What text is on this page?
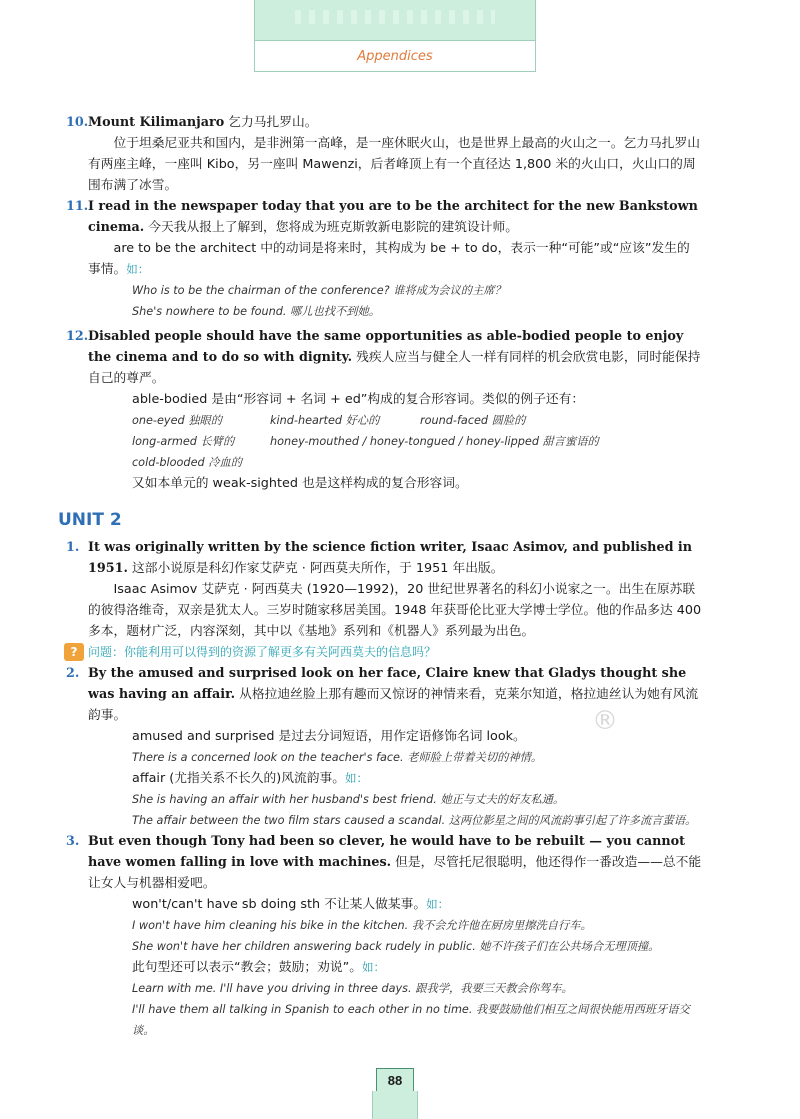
Appendices
®
10. Mount Kilimanjaro 乞力马扎罗山。
位于坦桑尼亚共和国内，是非洲第一高峰，是一座休眠火山，也是世界上最高的火山之一。乞力马扎罗山有两座主峰，一座叫 Kibo，另一座叫 Mawenzi，后者峰顶上有一个直径达 1,800 米的火山口，火山口的周围布满了冰雪。
11. I read in the newspaper today that you are to be the architect for the new Bankstown cinema. 今天我从报上了解到，您将成为班克斯敦新电影院的建筑设计师。
are to be the architect 中的动词是将来时，其构成为 be + to do，表示一种“可能”或“应该”发生的事情。如：
Who is to be the chairman of the conference? 谁将成为会议的主席？
She's nowhere to be found. 哪儿也找不到她。
12. Disabled people should have the same opportunities as able-bodied people to enjoy the cinema and to do so with dignity. 残疾人应当与健全人一样有同样的机会欣赏电影，同时能保持自己的尊严。
able-bodied 是由“形容词 + 名词 + ed”构成的复合形容词。类似的例子还有：
one-eyed 独眼的	kind-hearted 好心的	round-faced 圆脸的
long-armed 长臂的	honey-mouthed / honey-tongued / honey-lipped 甜言蜜语的
cold-blooded 冷血的
又如本单元的 weak-sighted 也是这样构成的复合形容词。
UNIT 2
1. It was originally written by the science fiction writer, Isaac Asimov, and published in 1951. 这部小说原是科幻作家艾萨克 · 阿西莫夫所作，于 1951 年出版。
Isaac Asimov 艾萨克 · 阿西莫夫 (1920—1992)，20 世纪世界著名的科幻小说家之一。出生在原苏联的彼得洛维奇，双亲是犹太人。三岁时随家移居美国。1948 年获哥伦比亚大学博士学位。他的作品多达 400 多本，题材广泛，内容深刻，其中以《基地》系列和《机器人》系列最为出色。
? 问题：你能利用可以得到的资源了解更多有关阿西莫夫的信息吗？
2. By the amused and surprised look on her face, Claire knew that Gladys thought she was having an affair. 从格拉迪丝脸上那有趣而又惊讶的神情来看，克莱尔知道，格拉迪丝认为她有风流韵事。
amused and surprised 是过去分词短语，用作定语修饰名词 look。
There is a concerned look on the teacher's face. 老师脸上带着关切的神情。
affair (尤指关系不长久的)风流韵事。如：
She is having an affair with her husband's best friend. 她正与丈夫的好友私通。
The affair between the two film stars caused a scandal. 这两位影星之间的风流韵事引起了许多流言蜚语。
3. But even though Tony had been so clever, he would have to be rebuilt — you cannot have women falling in love with machines. 但是，尽管托尼很聪明，他还得作一番改造——总不能让女人与机器相爱吧。
won't/can't have sb doing sth 不让某人做某事。如：
I won't have him cleaning his bike in the kitchen. 我不会允许他在厨房里擦洗自行车。
She won't have her children answering back rudely in public. 她不许孩子们在公共场合无理顶撞。
此句型还可以表示“教会；鼓励；劝说”。如：
Learn with me. I'll have you driving in three days. 跟我学，我要三天教会你驾车。
I'll have them all talking in Spanish to each other in no time. 我要鼓励他们相互之间很快能用西班牙语交谈。
88
